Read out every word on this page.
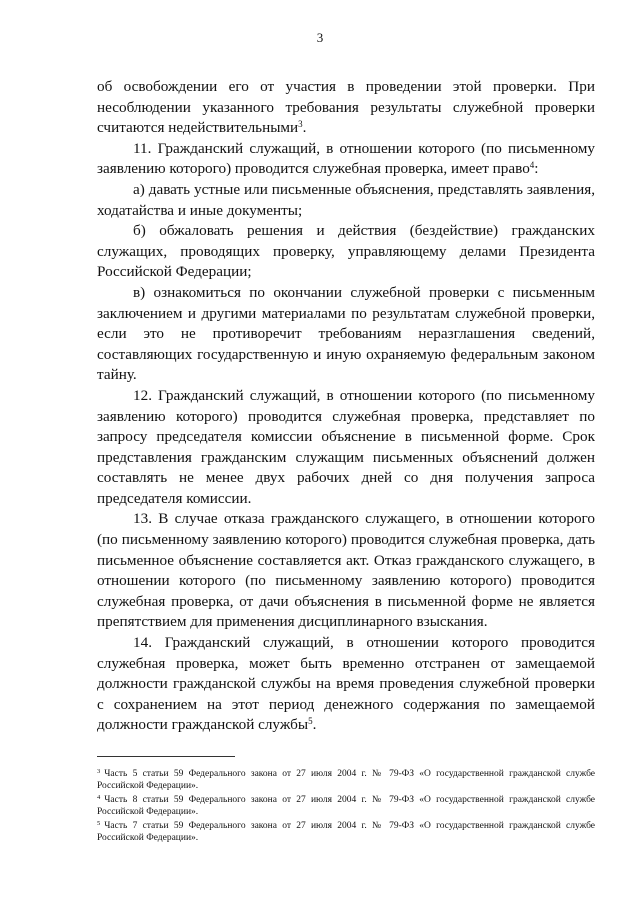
3

об освобождении его от участия в проведении этой проверки. При несоблюдении указанного требования результаты служебной проверки считаются недействительными$^3$.

11. Гражданский служащий, в отношении которого (по письменному заявлению которого) проводится служебная проверка, имеет право$^4$:

а) давать устные или письменные объяснения, представлять заявления, ходатайства и иные документы;

б) обжаловать решения и действия (бездействие) гражданских служащих, проводящих проверку, управляющему делами Президента Российской Федерации;

в) ознакомиться по окончании служебной проверки с письменным заключением и другими материалами по результатам служебной проверки, если это не противоречит требованиям неразглашения сведений, составляющих государственную и иную охраняемую федеральным законом тайну.

12. Гражданский служащий, в отношении которого (по письменному заявлению которого) проводится служебная проверка, представляет по запросу председателя комиссии объяснение в письменной форме. Срок представления гражданским служащим письменных объяснений должен составлять не менее двух рабочих дней со дня получения запроса председателя комиссии.

13. В случае отказа гражданского служащего, в отношении которого (по письменному заявлению которого) проводится служебная проверка, дать письменное объяснение составляется акт. Отказ гражданского служащего, в отношении которого (по письменному заявлению которого) проводится служебная проверка, от дачи объяснения в письменной форме не является препятствием для применения дисциплинарного взыскания.

14. Гражданский служащий, в отношении которого проводится служебная проверка, может быть временно отстранен от замещаемой должности гражданской службы на время проведения служебной проверки с сохранением на этот период денежного содержания по замещаемой должности гражданской службы$^5$.

$^3$ Часть 5 статьи 59 Федерального закона от 27 июля 2004 г. № 79-ФЗ «О государственной гражданской службе Российской Федерации».

$^4$ Часть 8 статьи 59 Федерального закона от 27 июля 2004 г. № 79-ФЗ «О государственной гражданской службе Российской Федерации».

$^5$ Часть 7 статьи 59 Федерального закона от 27 июля 2004 г. № 79-ФЗ «О государственной гражданской службе Российской Федерации».
